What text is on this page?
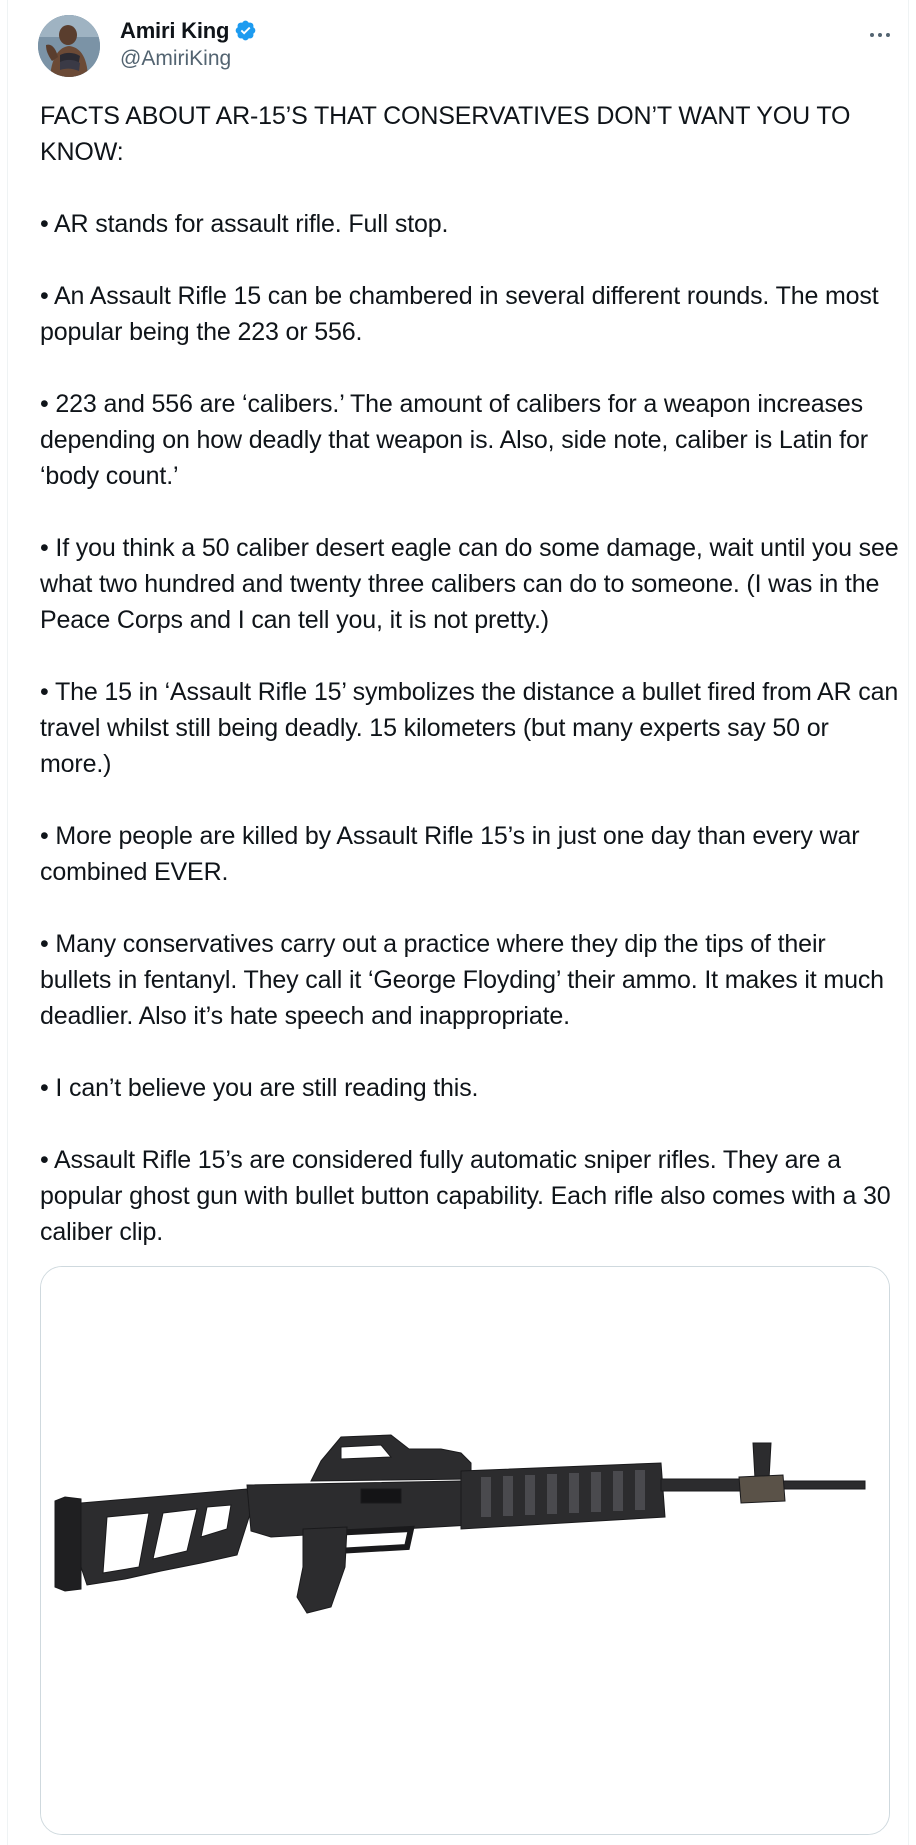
Amiri King
@AmiriKing

FACTS ABOUT AR-15’S THAT CONSERVATIVES DON’T WANT YOU TO KNOW:

• AR stands for assault rifle. Full stop.

• An Assault Rifle 15 can be chambered in several different rounds. The most popular being the 223 or 556.

• 223 and 556 are ‘calibers.’ The amount of calibers for a weapon increases depending on how deadly that weapon is. Also, side note, caliber is Latin for ‘body count.’

• If you think a 50 caliber desert eagle can do some damage, wait until you see what two hundred and twenty three calibers can do to someone. (I was in the Peace Corps and I can tell you, it is not pretty.)

• The 15 in ‘Assault Rifle 15’ symbolizes the distance a bullet fired from AR can travel whilst still being deadly. 15 kilometers (but many experts say 50 or more.)

• More people are killed by Assault Rifle 15’s in just one day than every war combined EVER.

• Many conservatives carry out a practice where they dip the tips of their bullets in fentanyl. They call it ‘George Floyding’ their ammo. It makes it much deadlier. Also it’s hate speech and inappropriate.

• I can’t believe you are still reading this.

• Assault Rifle 15’s are considered fully automatic sniper rifles. They are a popular ghost gun with bullet button capability. Each rifle also comes with a 30 caliber clip.
